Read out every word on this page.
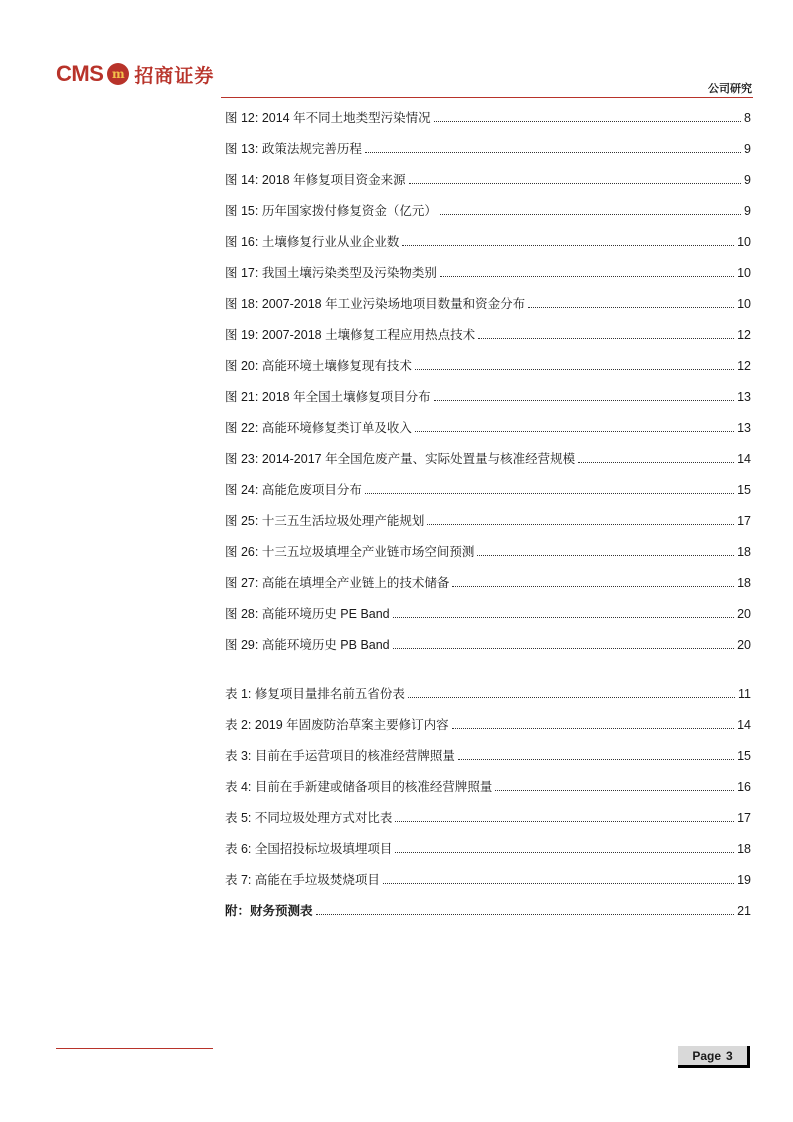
CMS m 招商证券
公司研究
图 12: 2014 年不同土地类型污染情况	8
图 13: 政策法规完善历程	9
图 14: 2018 年修复项目资金来源	9
图 15: 历年国家拨付修复资金（亿元）	9
图 16: 土壤修复行业从业企业数	10
图 17: 我国土壤污染类型及污染物类别	10
图 18: 2007-2018 年工业污染场地项目数量和资金分布	10
图 19: 2007-2018 土壤修复工程应用热点技术	12
图 20: 高能环境土壤修复现有技术	12
图 21: 2018 年全国土壤修复项目分布	13
图 22: 高能环境修复类订单及收入	13
图 23: 2014-2017 年全国危废产量、实际处置量与核准经营规模	14
图 24: 高能危废项目分布	15
图 25: 十三五生活垃圾处理产能规划	17
图 26: 十三五垃圾填埋全产业链市场空间预测	18
图 27: 高能在填埋全产业链上的技术储备	18
图 28: 高能环境历史 PE Band	20
图 29: 高能环境历史 PB Band	20
表 1: 修复项目量排名前五省份表	11
表 2: 2019 年固废防治草案主要修订内容	14
表 3: 目前在手运营项目的核准经营牌照量	15
表 4: 目前在手新建或储备项目的核准经营牌照量	16
表 5: 不同垃圾处理方式对比表	17
表 6: 全国招投标垃圾填埋项目	18
表 7: 高能在手垃圾焚烧项目	19
附：财务预测表	21
Page 3
